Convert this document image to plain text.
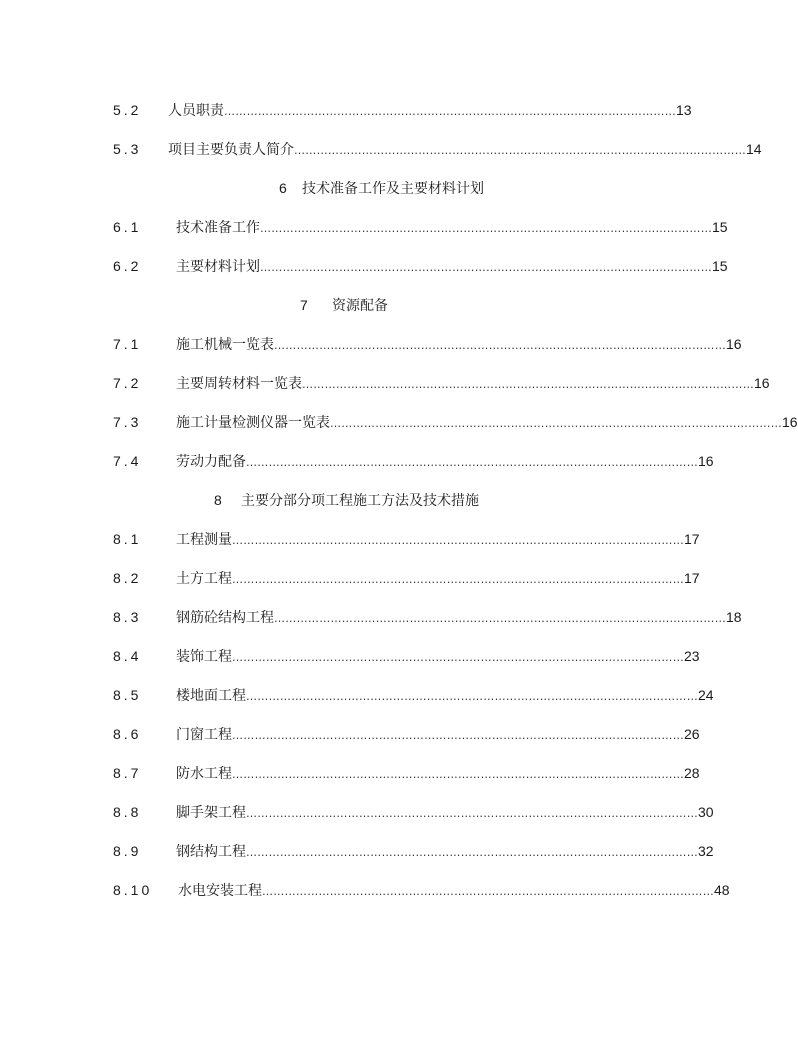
5.2 人员职责 ………………………………………………………………………………………………………… 13
5.3 项目主要负责人简介 ………………………………………………………………………………………………………… 14
6 技术准备工作及主要材料计划
6.1 技术准备工作 ………………………………………………………………………………………………………… 15
6.2 主要材料计划 ………………………………………………………………………………………………………… 15
7 资源配备
7.1 施工机械一览表 ………………………………………………………………………………………………………… 16
7.2 主要周转材料一览表 ………………………………………………………………………………………………………… 16
7.3 施工计量检测仪器一览表 ………………………………………………………………………………………………………… 16
7.4 劳动力配备 ………………………………………………………………………………………………………… 16
8 主要分部分项工程施工方法及技术措施
8.1 工程测量 ………………………………………………………………………………………………………… 17
8.2 土方工程 ………………………………………………………………………………………………………… 17
8.3 钢筋砼结构工程 ………………………………………………………………………………………………………… 18
8.4 装饰工程 ………………………………………………………………………………………………………… 23
8.5 楼地面工程 ………………………………………………………………………………………………………… 24
8.6 门窗工程 ………………………………………………………………………………………………………… 26
8.7 防水工程 ………………………………………………………………………………………………………… 28
8.8 脚手架工程 ………………………………………………………………………………………………………… 30
8.9 钢结构工程 ………………………………………………………………………………………………………… 32
8.10 水电安装工程 ………………………………………………………………………………………………………… 48
